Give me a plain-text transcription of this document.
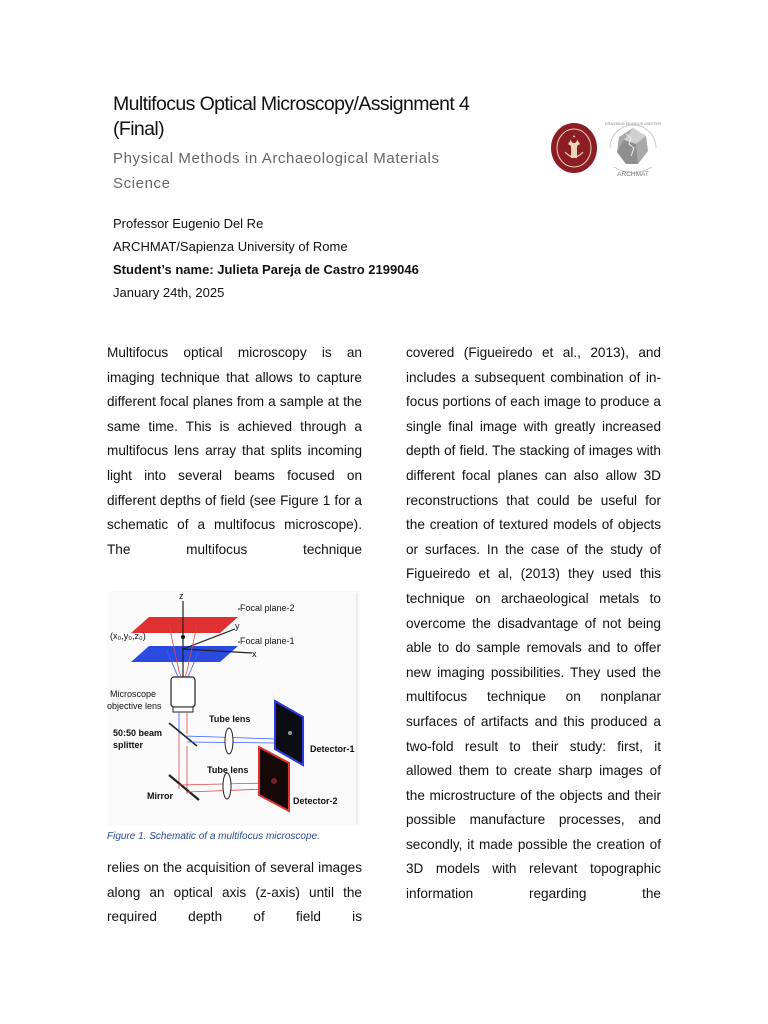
Multifocus Optical Microscopy/Assignment 4 (Final)
Physical Methods in Archaeological Materials Science
ARCHMAT
ERASMUS MUNDUS MASTER
Professor Eugenio Del Re
ARCHMAT/Sapienza University of Rome
Student’s name: Julieta Pareja de Castro 2199046
January 24th, 2025

Multifocus optical microscopy is an imaging technique that allows to capture different focal planes from a sample at the same time. This is achieved through a multifocus lens array that splits incoming light into several beams focused on different depths of field (see Figure 1 for a schematic of a multifocus microscope). The multifocus technique

z
y
x
Focal plane-2
Focal plane-1
(x₀,y₀,z₀)
Microscope
objective lens
50:50 beam
splitter
Tube lens
Detector-1
Mirror
Tube lens
Detector-2
Figure 1. Schematic of a multifocus microscope.

relies on the acquisition of several images along an optical axis (z-axis) until the required depth of field is

covered (Figueiredo et al., 2013), and includes a subsequent combination of in-focus portions of each image to produce a single final image with greatly increased depth of field. The stacking of images with different focal planes can also allow 3D reconstructions that could be useful for the creation of textured models of objects or surfaces. In the case of the study of Figueiredo et al, (2013) they used this technique on archaeological metals to overcome the disadvantage of not being able to do sample removals and to offer new imaging possibilities. They used the multifocus technique on nonplanar surfaces of artifacts and this produced a two-fold result to their study: first, it allowed them to create sharp images of the microstructure of the objects and their possible manufacture processes, and secondly, it made possible the creation of 3D models with relevant topographic information regarding the
